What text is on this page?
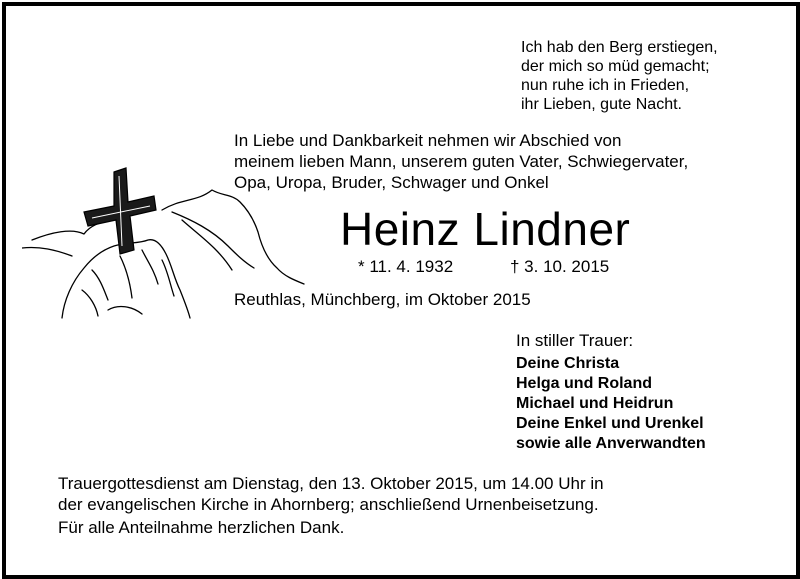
Ich hab den Berg erstiegen,
der mich so müd gemacht;
nun ruhe ich in Frieden,
ihr Lieben, gute Nacht.
In Liebe und Dankbarkeit nehmen wir Abschied von
meinem lieben Mann, unserem guten Vater, Schwiegervater,
Opa, Uropa, Bruder, Schwager und Onkel
Heinz Lindner
* 11. 4. 1932	† 3. 10. 2015
Reuthlas, Münchberg, im Oktober 2015
In stiller Trauer:
Deine Christa
Helga und Roland
Michael und Heidrun
Deine Enkel und Urenkel
sowie alle Anverwandten
Trauergottesdienst am Dienstag, den 13. Oktober 2015, um 14.00 Uhr in
der evangelischen Kirche in Ahornberg; anschließend Urnenbeisetzung.
Für alle Anteilnahme herzlichen Dank.
